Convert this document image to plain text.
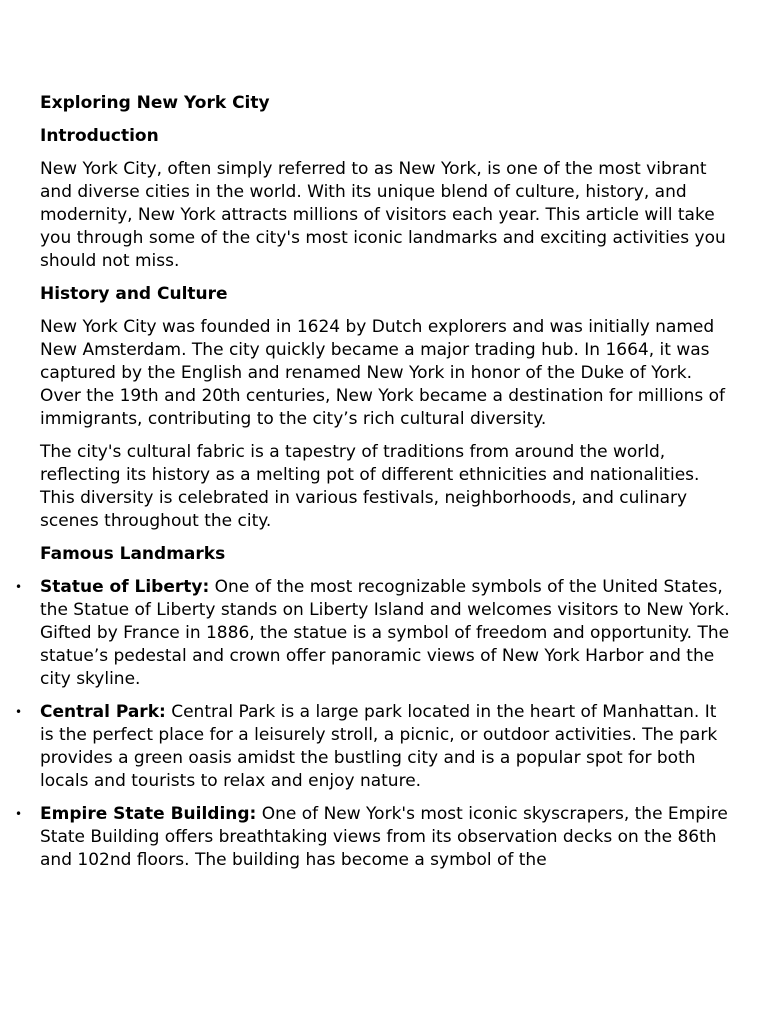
Exploring New York City
Introduction

New York City, often simply referred to as New York, is one of the most vibrant and diverse cities in the world. With its unique blend of culture, history, and modernity, New York attracts millions of visitors each year. This article will take you through some of the city's most iconic landmarks and exciting activities you should not miss.

History and Culture

New York City was founded in 1624 by Dutch explorers and was initially named New Amsterdam. The city quickly became a major trading hub. In 1664, it was captured by the English and renamed New York in honor of the Duke of York. Over the 19th and 20th centuries, New York became a destination for millions of immigrants, contributing to the city’s rich cultural diversity.

The city's cultural fabric is a tapestry of traditions from around the world, reflecting its history as a melting pot of different ethnicities and nationalities. This diversity is celebrated in various festivals, neighborhoods, and culinary scenes throughout the city.

Famous Landmarks
• Statue of Liberty: One of the most recognizable symbols of the United States, the Statue of Liberty stands on Liberty Island and welcomes visitors to New York. Gifted by France in 1886, the statue is a symbol of freedom and opportunity. The statue’s pedestal and crown offer panoramic views of New York Harbor and the city skyline.
• Central Park: Central Park is a large park located in the heart of Manhattan. It is the perfect place for a leisurely stroll, a picnic, or outdoor activities. The park provides a green oasis amidst the bustling city and is a popular spot for both locals and tourists to relax and enjoy nature.
• Empire State Building: One of New York's most iconic skyscrapers, the Empire State Building offers breathtaking views from its observation decks on the 86th and 102nd floors. The building has become a symbol of the
